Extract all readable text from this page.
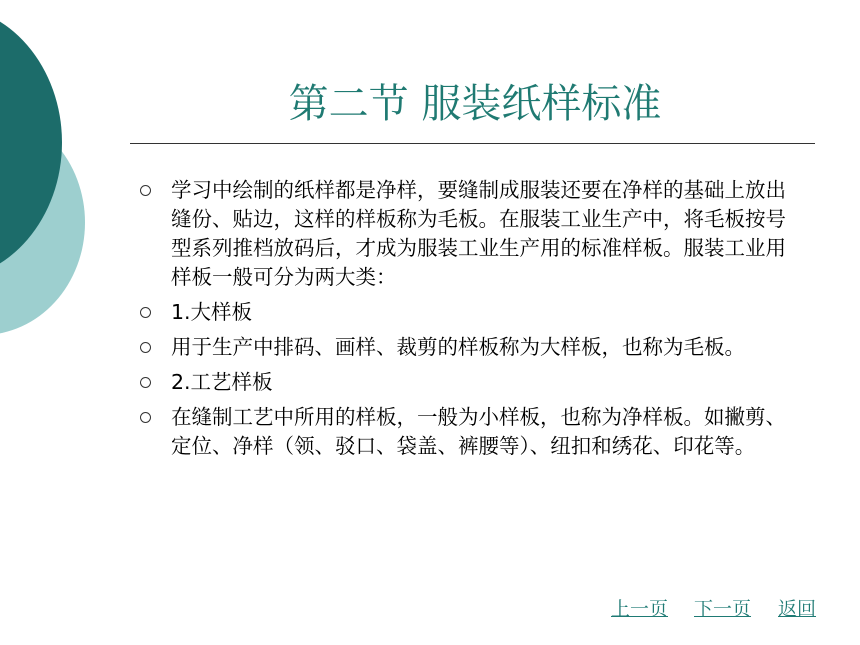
第二节 服装纸样标准
学习中绘制的纸样都是净样，要缝制成服装还要在净样的基础上放出缝份、贴边，这样的样板称为毛板。在服装工业生产中，将毛板按号型系列推档放码后，才成为服装工业生产用的标准样板。服装工业用样板一般可分为两大类：
1.大样板
用于生产中排码、画样、裁剪的样板称为大样板，也称为毛板。
2.工艺样板
在缝制工艺中所用的样板，一般为小样板，也称为净样板。如撇剪、定位、净样（领、驳口、袋盖、裤腰等）、纽扣和绣花、印花等。
上一页 下一页 返回
